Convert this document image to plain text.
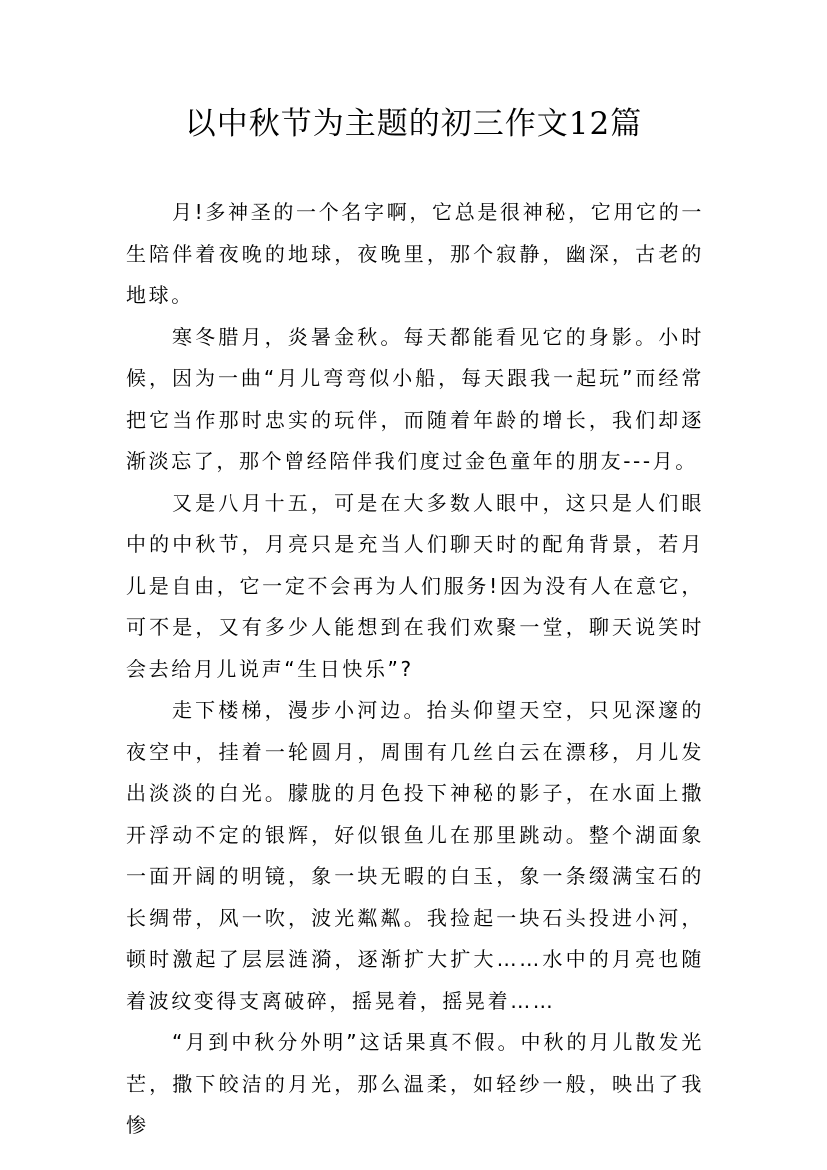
以中秋节为主题的初三作文12篇

月!多神圣的一个名字啊，它总是很神秘，它用它的一生陪伴着夜晚的地球，夜晚里，那个寂静，幽深，古老的地球。

寒冬腊月，炎暑金秋。每天都能看见它的身影。小时候，因为一曲“月儿弯弯似小船，每天跟我一起玩”而经常把它当作那时忠实的玩伴，而随着年龄的增长，我们却逐渐淡忘了，那个曾经陪伴我们度过金色童年的朋友---月。

又是八月十五，可是在大多数人眼中，这只是人们眼中的中秋节，月亮只是充当人们聊天时的配角背景，若月儿是自由，它一定不会再为人们服务!因为没有人在意它，可不是，又有多少人能想到在我们欢聚一堂，聊天说笑时会去给月儿说声“生日快乐”?

走下楼梯，漫步小河边。抬头仰望天空，只见深邃的夜空中，挂着一轮圆月，周围有几丝白云在漂移，月儿发出淡淡的白光。朦胧的月色投下神秘的影子，在水面上撒开浮动不定的银辉，好似银鱼儿在那里跳动。整个湖面象一面开阔的明镜，象一块无暇的白玉，象一条缀满宝石的长绸带，风一吹，波光粼粼。我捡起一块石头投进小河，顿时激起了层层涟漪，逐渐扩大扩大……水中的月亮也随着波纹变得支离破碎，摇晃着，摇晃着……

“月到中秋分外明”这话果真不假。中秋的月儿散发光芒，撒下皎洁的月光，那么温柔，如轻纱一般，映出了我惨
